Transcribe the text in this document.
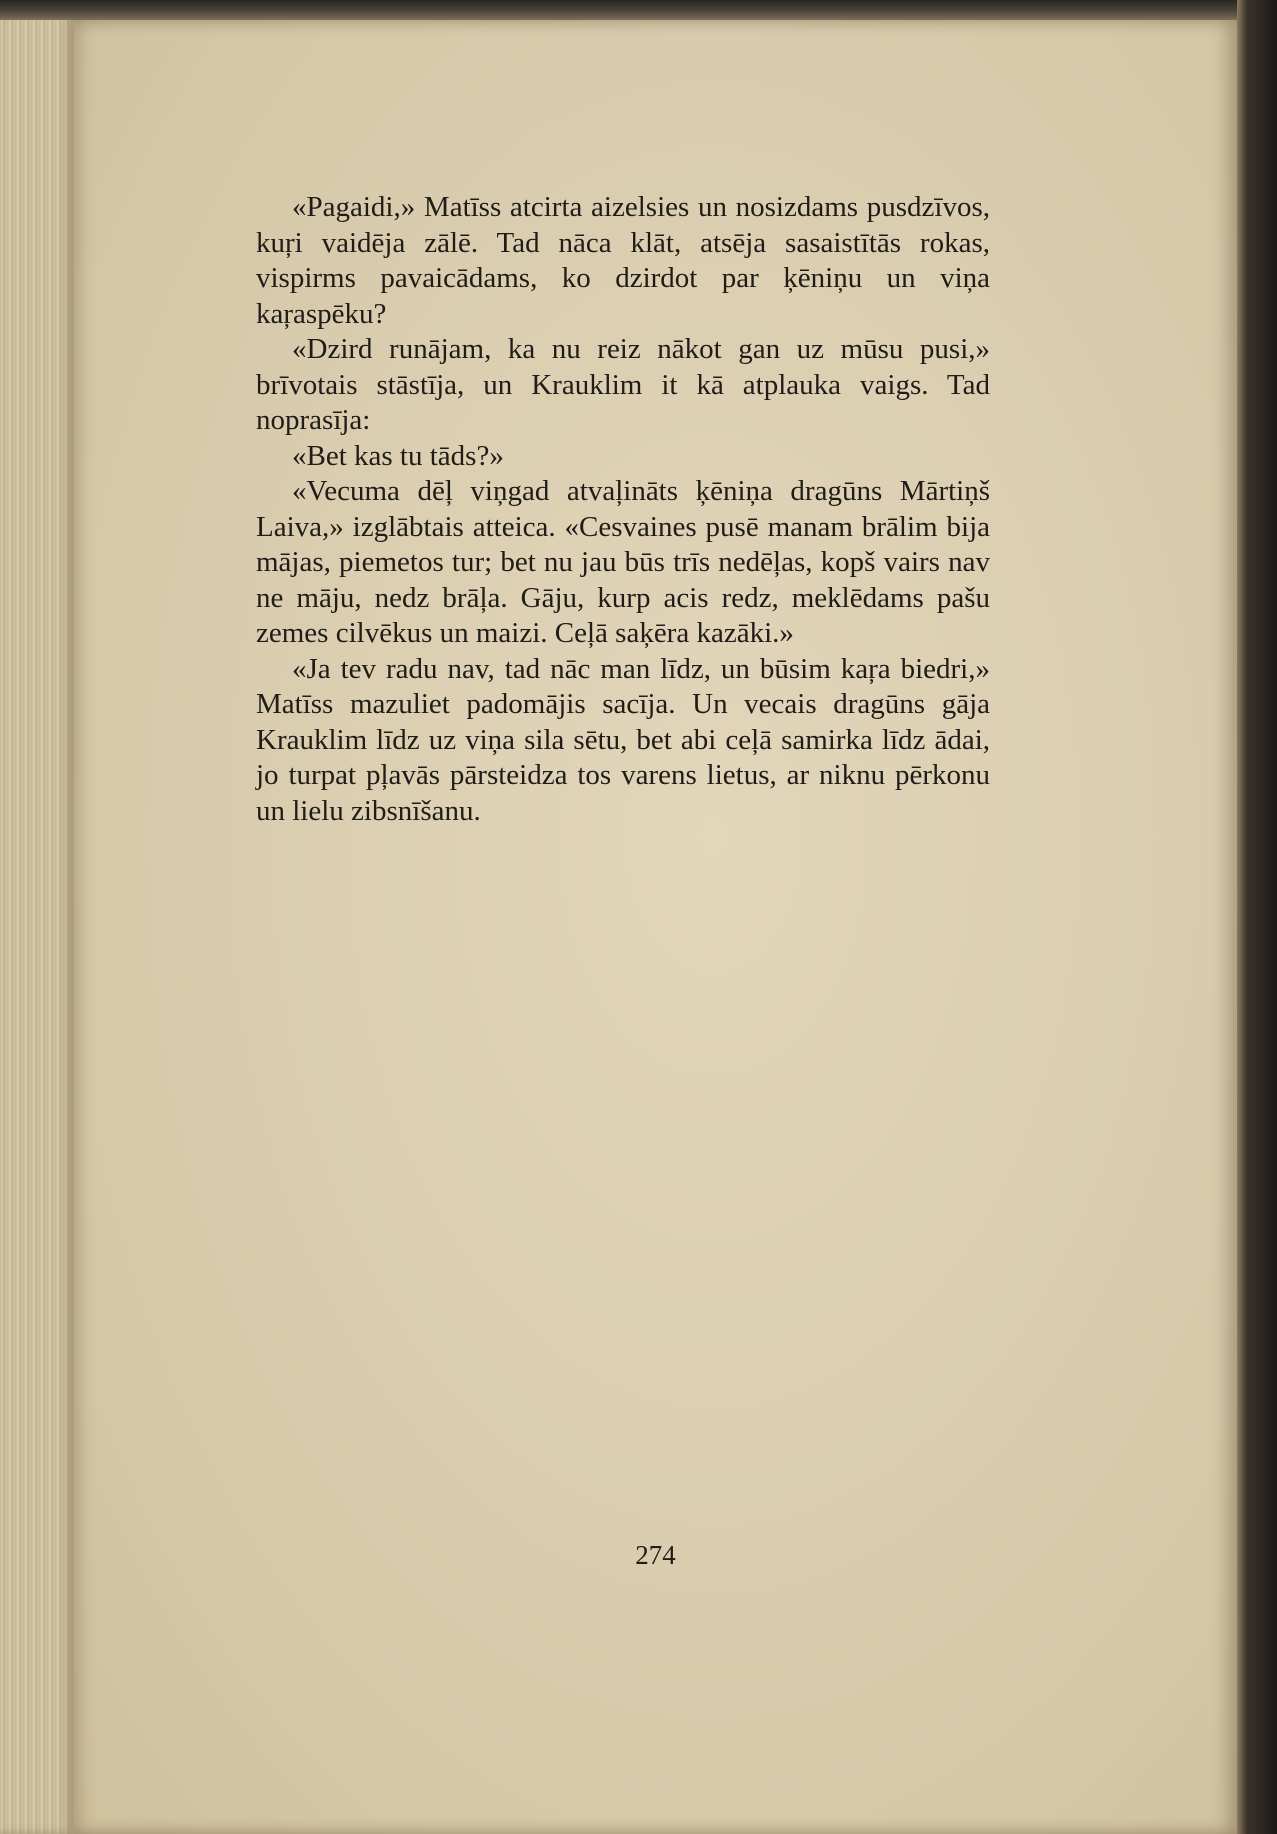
«Pagaidi,» Matīss atcirta aizelsies un nosizdams pusdzīvos, kuŗi vaidēja zālē. Tad nāca klāt, atsēja sasaistītās rokas, vispirms pavaicādams, ko dzirdot par ķēniņu un viņa kaŗaspēku?

«Dzird runājam, ka nu reiz nākot gan uz mūsu pusi,» brīvotais stāstīja, un Krauklim it kā atplauka vaigs. Tad noprasīja:

«Bet kas tu tāds?»

«Vecuma dēļ viņgad atvaļināts ķēniņa dragūns Mārtiņš Laiva,» izglābtais atteica. «Cesvaines pusē manam brālim bija mājas, piemetos tur; bet nu jau būs trīs nedēļas, kopš vairs nav ne māju, nedz brāļa. Gāju, kurp acis redz, meklēdams pašu zemes cilvēkus un maizi. Ceļā saķēra kazāki.»

«Ja tev radu nav, tad nāc man līdz, un būsim kaŗa biedri,» Matīss mazuliet padomājis sacīja. Un vecais dragūns gāja Krauklim līdz uz viņa sila sētu, bet abi ceļā samirka līdz ādai, jo turpat pļavās pārsteidza tos varens lietus, ar niknu pērkonu un lielu zibsnīšanu.

274
